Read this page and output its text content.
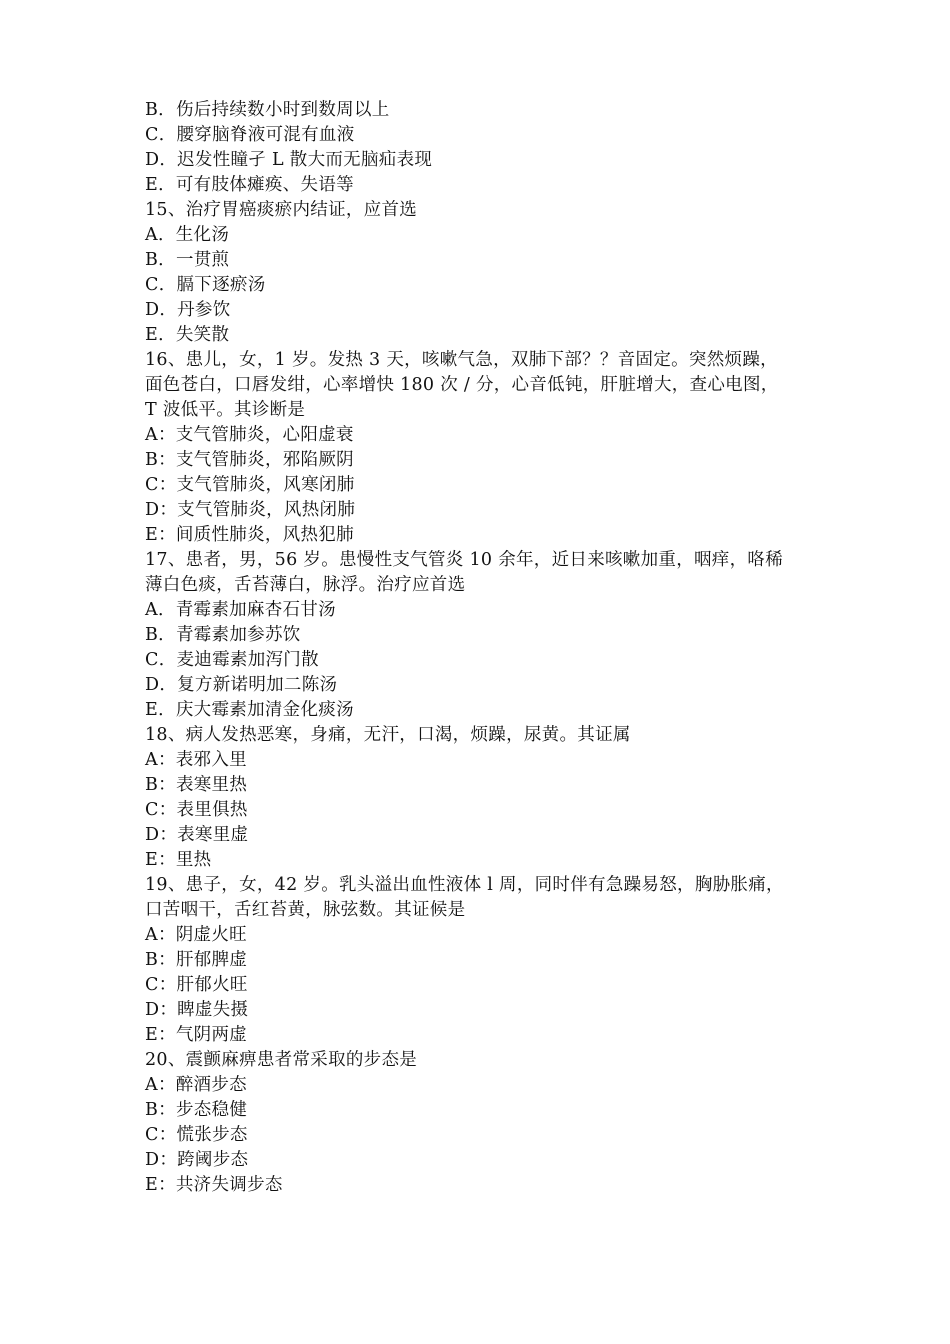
B．伤后持续数小时到数周以上
C．腰穿脑脊液可混有血液
D．迟发性瞳孑 L 散大而无脑疝表现
E．可有肢体瘫痪、失语等
15、治疗胃癌痰瘀内结证，应首选
A．生化汤
B．一贯煎
C．膈下逐瘀汤
D．丹参饮
E．失笑散
16、患儿，女，1 岁。发热 3 天，咳嗽气急，双肺下部？？音固定。突然烦躁，
面色苍白，口唇发绀，心率增快 180 次 / 分，心音低钝，肝脏增大，查心电图，
T 波低平。其诊断是
A：支气管肺炎，心阳虚衰
B：支气管肺炎，邪陷厥阴
C：支气管肺炎，风寒闭肺
D：支气管肺炎，风热闭肺
E：间质性肺炎，风热犯肺
17、患者，男，56 岁。患慢性支气管炎 10 余年，近日来咳嗽加重，咽痒，咯稀
薄白色痰，舌苔薄白，脉浮。治疗应首选
A．青霉素加麻杏石甘汤
B．青霉素加参苏饮
C．麦迪霉素加泻门散
D．复方新诺明加二陈汤
E．庆大霉素加清金化痰汤
18、病人发热恶寒，身痛，无汗，口渴，烦躁，尿黄。其证属
A：表邪入里
B：表寒里热
C：表里俱热
D：表寒里虚
E：里热
19、患子，女，42 岁。乳头溢出血性液体 l 周，同时伴有急躁易怒，胸胁胀痛，
口苦咽干，舌红苔黄，脉弦数。其证候是
A：阴虚火旺
B：肝郁脾虚
C：肝郁火旺
D：睥虚失摄
E：气阴两虚
20、震颤麻痹患者常采取的步态是
A：醉酒步态
B：步态稳健
C：慌张步态
D：跨阈步态
E：共济失调步态
